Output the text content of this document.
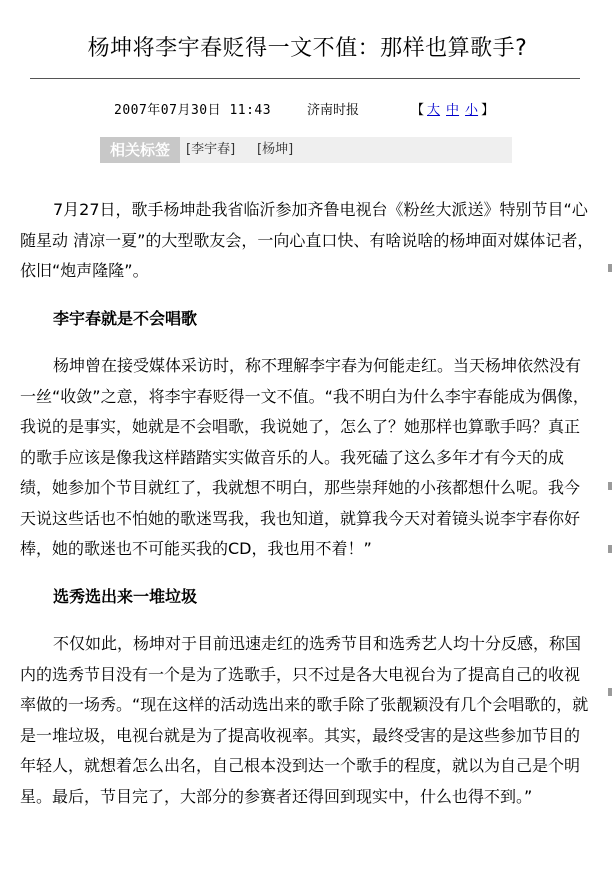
杨坤将李宇春贬得一文不值：那样也算歌手?
2007年07月30日 11:43	济南时报	【 大 中 小 】
相关标签	[李宇春] [杨坤]

7月27日，歌手杨坤赴我省临沂参加齐鲁电视台《粉丝大派送》特别节目“心随星动 清凉一夏”的大型歌友会，一向心直口快、有啥说啥的杨坤面对媒体记者，依旧“炮声隆隆”。

李宇春就是不会唱歌

杨坤曾在接受媒体采访时，称不理解李宇春为何能走红。当天杨坤依然没有一丝“收敛”之意，将李宇春贬得一文不值。“我不明白为什么李宇春能成为偶像，我说的是事实，她就是不会唱歌，我说她了，怎么了？她那样也算歌手吗？真正的歌手应该是像我这样踏踏实实做音乐的人。我死磕了这么多年才有今天的成绩，她参加个节目就红了，我就想不明白，那些崇拜她的小孩都想什么呢。我今天说这些话也不怕她的歌迷骂我，我也知道，就算我今天对着镜头说李宇春你好棒，她的歌迷也不可能买我的CD，我也用不着！”

选秀选出来一堆垃圾

不仅如此，杨坤对于目前迅速走红的选秀节目和选秀艺人均十分反感，称国内的选秀节目没有一个是为了选歌手，只不过是各大电视台为了提高自己的收视率做的一场秀。“现在这样的活动选出来的歌手除了张靓颖没有几个会唱歌的，就是一堆垃圾，电视台就是为了提高收视率。其实，最终受害的是这些参加节目的年轻人，就想着怎么出名，自己根本没到达一个歌手的程度，就以为自己是个明星。最后，节目完了，大部分的参赛者还得回到现实中，什么也得不到。”
